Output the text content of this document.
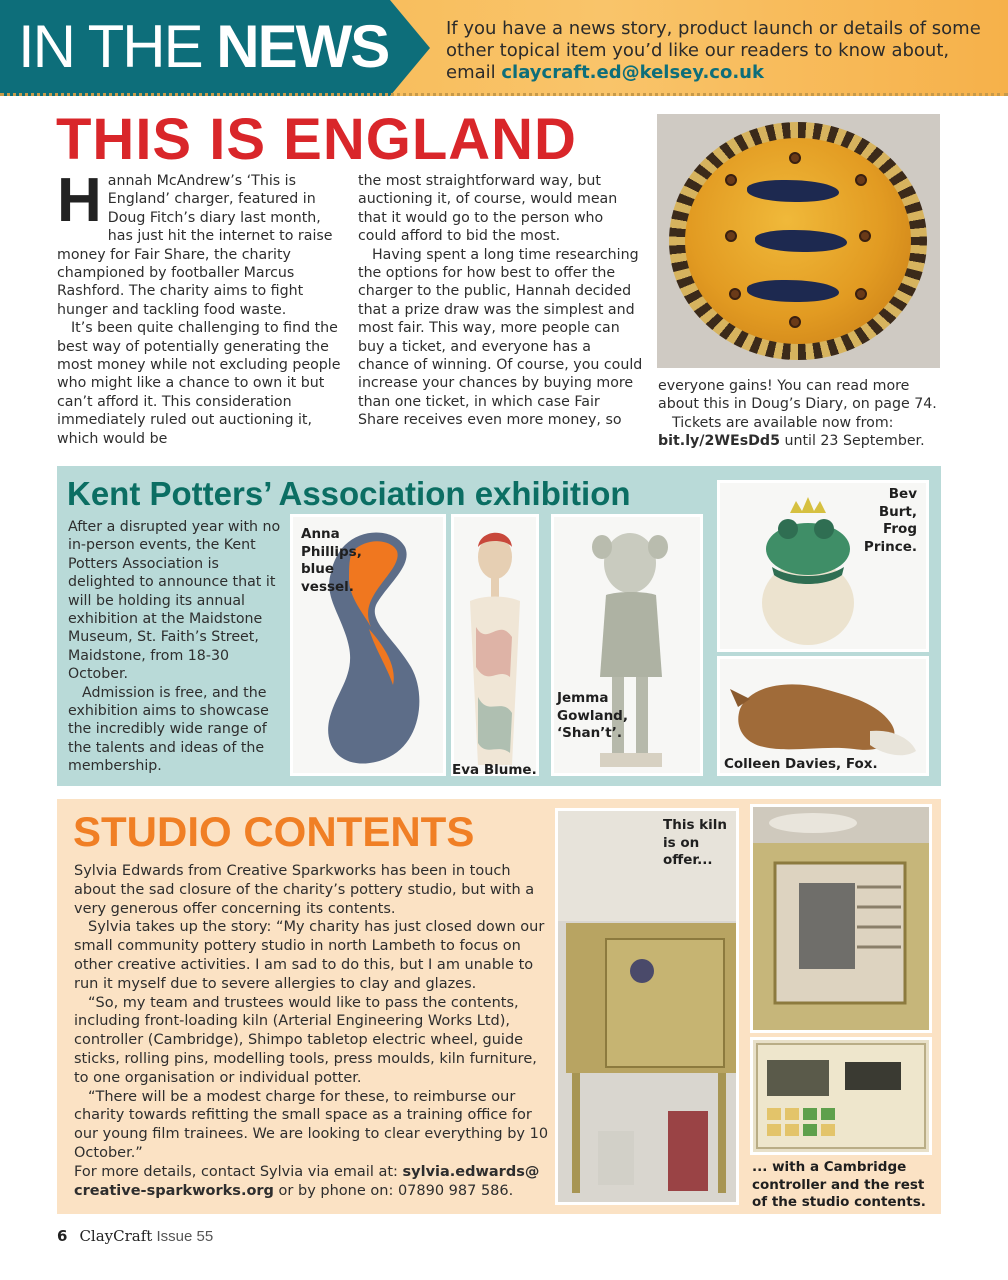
IN THE NEWS	If you have a news story, product launch or details of some other topical item you’d like our readers to know about, email claycraft.ed@kelsey.co.uk
THIS IS ENGLAND

Hannah McAndrew’s ‘This is England’ charger, featured in Doug Fitch’s diary last month, has just hit the internet to raise money for Fair Share, the charity championed by footballer Marcus Rashford. The charity aims to fight hunger and tackling food waste.

It’s been quite challenging to find the best way of potentially generating the most money while not excluding people who might like a chance to own it but can’t afford it. This consideration immediately ruled out auctioning it, which would be

the most straightforward way, but auctioning it, of course, would mean that it would go to the person who could afford to bid the most.

Having spent a long time researching the options for how best to offer the charger to the public, Hannah decided that a prize draw was the simplest and most fair. This way, more people can buy a ticket, and everyone has a chance of winning. Of course, you could increase your chances by buying more than one ticket, in which case Fair Share receives even more money, so

everyone gains! You can read more about this in Doug’s Diary, on page 74.

Tickets are available now from:

bit.ly/2WEsDd5 until 23 September.

Kent Potters’ Association exhibition

After a disrupted year with no in-person events, the Kent Potters Association is delighted to announce that it will be holding its annual exhibition at the Maidstone Museum, St. Faith’s Street, Maidstone, from 18-30 October.

Admission is free, and the exhibition aims to showcase the incredibly wide range of the talents and ideas of the membership.

Anna Phillips, blue vessel.
Eva Blume.
Jemma Gowland, ‘Shan’t’.
Bev Burt, Frog Prince.
Colleen Davies, Fox.
STUDIO CONTENTS

Sylvia Edwards from Creative Sparkworks has been in touch about the sad closure of the charity’s pottery studio, but with a very generous offer concerning its contents.

Sylvia takes up the story: “My charity has just closed down our small community pottery studio in north Lambeth to focus on other creative activities. I am sad to do this, but I am unable to run it myself due to severe allergies to clay and glazes.

“So, my team and trustees would like to pass the contents, including front-loading kiln (Arterial Engineering Works Ltd), controller (Cambridge), Shimpo tabletop electric wheel, guide sticks, rolling pins, modelling tools, press moulds, kiln furniture, to one organisation or individual potter.

“There will be a modest charge for these, to reimburse our charity towards refitting the small space as a training office for our young film trainees. We are looking to clear everything by 10 October.”

For more details, contact Sylvia via email at: sylvia.edwards@ creative-sparkworks.org or by phone on: 07890 987 586.

This kiln is on offer...
... with a Cambridge controller and the rest of the studio contents.
6 ClayCraft Issue 55
